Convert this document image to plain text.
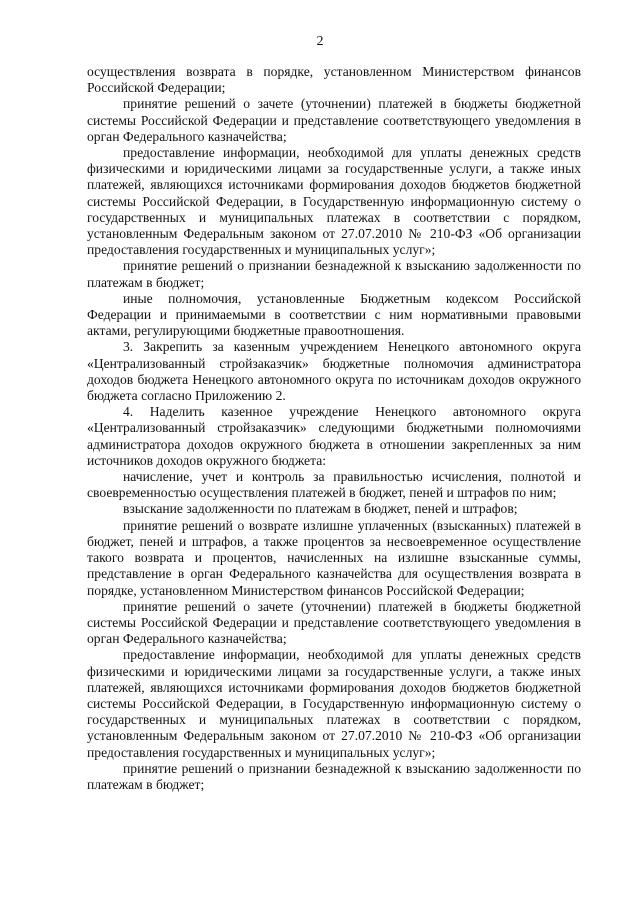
2

осуществления возврата в порядке, установленном Министерством финансов Российской Федерации;

принятие решений о зачете (уточнении) платежей в бюджеты бюджетной системы Российской Федерации и представление соответствующего уведомления в орган Федерального казначейства;

предоставление информации, необходимой для уплаты денежных средств физическими и юридическими лицами за государственные услуги, а также иных платежей, являющихся источниками формирования доходов бюджетов бюджетной системы Российской Федерации, в Государственную информационную систему о государственных и муниципальных платежах в соответствии с порядком, установленным Федеральным законом от 27.07.2010 № 210-ФЗ «Об организации предоставления государственных и муниципальных услуг»;

принятие решений о признании безнадежной к взысканию задолженности по платежам в бюджет;

иные полномочия, установленные Бюджетным кодексом Российской Федерации и принимаемыми в соответствии с ним нормативными правовыми актами, регулирующими бюджетные правоотношения.

3. Закрепить за казенным учреждением Ненецкого автономного округа «Централизованный стройзаказчик» бюджетные полномочия администратора доходов бюджета Ненецкого автономного округа по источникам доходов окружного бюджета согласно Приложению 2.

4. Наделить казенное учреждение Ненецкого автономного округа «Централизованный стройзаказчик» следующими бюджетными полномочиями администратора доходов окружного бюджета в отношении закрепленных за ним источников доходов окружного бюджета:

начисление, учет и контроль за правильностью исчисления, полнотой и своевременностью осуществления платежей в бюджет, пеней и штрафов по ним;

взыскание задолженности по платежам в бюджет, пеней и штрафов;

принятие решений о возврате излишне уплаченных (взысканных) платежей в бюджет, пеней и штрафов, а также процентов за несвоевременное осуществление такого возврата и процентов, начисленных на излишне взысканные суммы, представление в орган Федерального казначейства для осуществления возврата в порядке, установленном Министерством финансов Российской Федерации;

принятие решений о зачете (уточнении) платежей в бюджеты бюджетной системы Российской Федерации и представление соответствующего уведомления в орган Федерального казначейства;

предоставление информации, необходимой для уплаты денежных средств физическими и юридическими лицами за государственные услуги, а также иных платежей, являющихся источниками формирования доходов бюджетов бюджетной системы Российской Федерации, в Государственную информационную систему о государственных и муниципальных платежах в соответствии с порядком, установленным Федеральным законом от 27.07.2010 № 210-ФЗ «Об организации предоставления государственных и муниципальных услуг»;

принятие решений о признании безнадежной к взысканию задолженности по платежам в бюджет;
